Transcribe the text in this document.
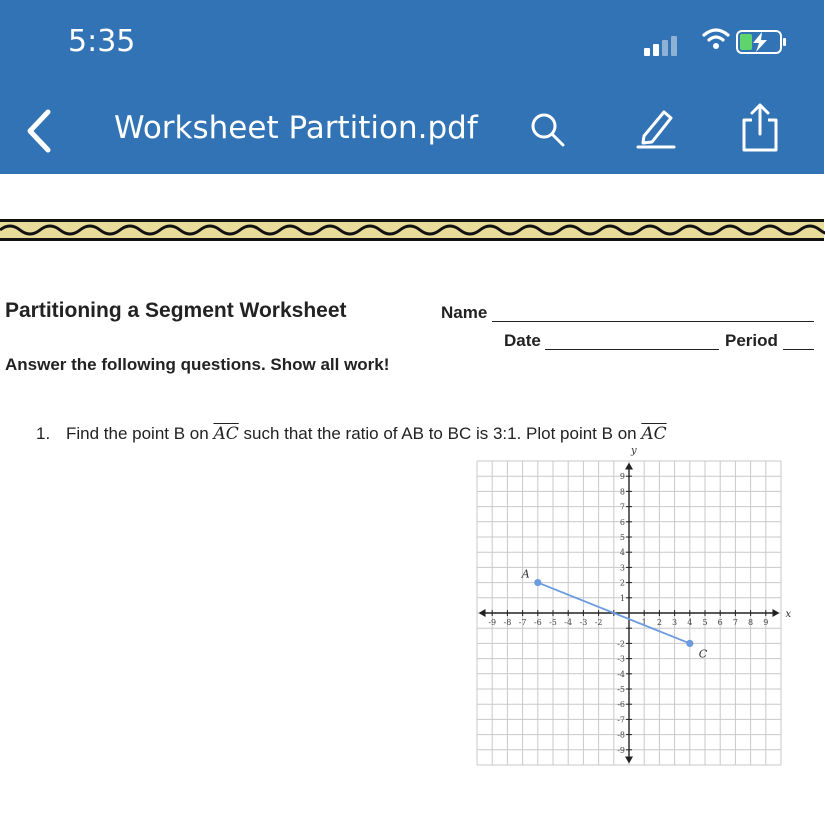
5:35
Worksheet Partition.pdf
Partitioning a Segment Worksheet	Name
Date	Period
Answer the following questions. Show all work!
1. Find the point B on $\overline{AC}$ such that the ratio of AB to BC is 3:1. Plot point B on $\overline{AC}$
-9 -8 -7 -6 -5 -4 -3 -2	1 2 3 4 5 6 7 8 9
9
8
7
6
5
4
3
2
1
-2
-3
-4
-5
-6
-7
-8
-9
x
y
A
C
